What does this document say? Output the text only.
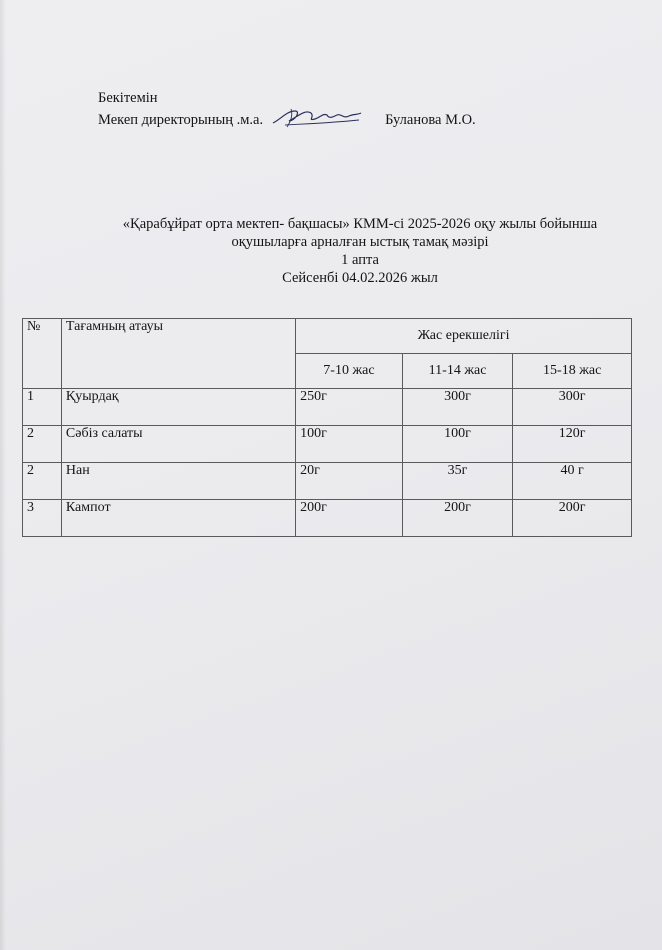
Бекітемін
Мекеп директорының .м.а.	Буланова М.О.
«Қарабұйрат орта мектеп- бақшасы» КММ-сі 2025-2026 оқу жылы бойынша
оқушыларға арналған ыстық тамақ мәзірі
1 апта
Сейсенбі 04.02.2026 жыл
№	Тағамның атауы	Жас ерекшелігі		
		7-10 жас	11-14 жас	15-18 жас
1	Қуырдақ	250г	300г	300г
2	Сәбіз салаты	100г	100г	120г
2	Нан	20г	35г	40 г
3	Кампот	200г	200г	200г
